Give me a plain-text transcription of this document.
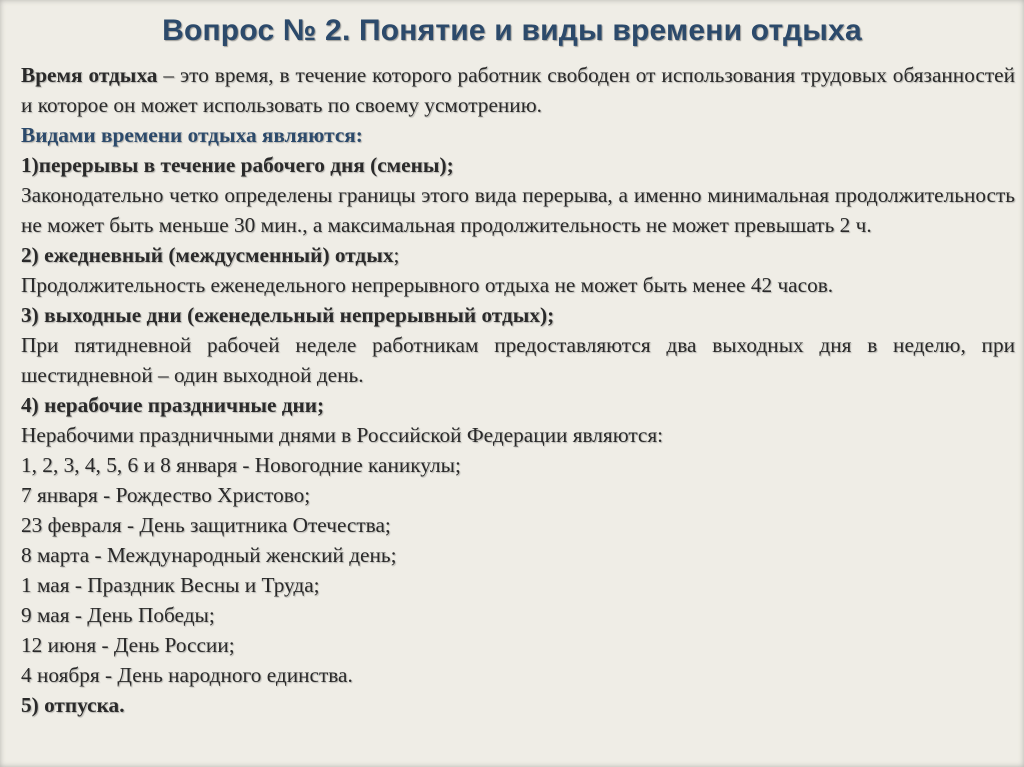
Вопрос № 2. Понятие и виды времени отдыха

Время отдыха – это время, в течение которого работник свободен от использования трудовых обязанностей и которое он может использовать по своему усмотрению.

Видами времени отдыха являются:

1)перерывы в течение рабочего дня (смены);

Законодательно четко определены границы этого вида перерыва, а именно минимальная продолжительность не может быть меньше 30 мин., а максимальная продолжительность не может превышать 2 ч.

2) ежедневный (междусменный) отдых;

Продолжительность еженедельного непрерывного отдыха не может быть менее 42 часов.

3) выходные дни (еженедельный непрерывный отдых);

При пятидневной рабочей неделе работникам предоставляются два выходных дня в неделю, при шестидневной – один выходной день.

4) нерабочие праздничные дни;

Нерабочими праздничными днями в Российской Федерации являются:

1, 2, 3, 4, 5, 6 и 8 января - Новогодние каникулы;

7 января - Рождество Христово;

23 февраля - День защитника Отечества;

8 марта - Международный женский день;

1 мая - Праздник Весны и Труда;

9 мая - День Победы;

12 июня - День России;

4 ноября - День народного единства.

5) отпуска.
